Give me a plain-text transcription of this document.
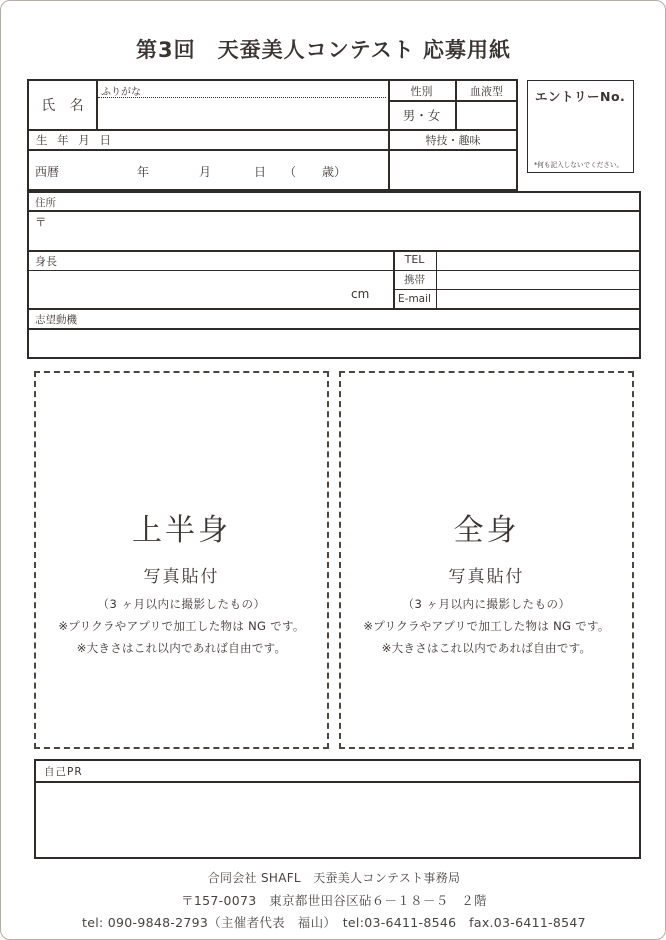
第3回　天蚕美人コンテスト 応募用紙
ふりがな
氏 名
性別	血液型
男・女
生 年 月 日	特技・趣味
西暦	年	月	日 （ 歳）
エントリーNo.
*何も記入しないでください。
住所
〒
身長
cm
TEL
携帯
E-mail
志望動機
上半身
写真貼付
（3 ヶ月以内に撮影したもの）
※プリクラやアプリで加工した物は NG です。
※大きさはこれ以内であれば自由です。
全身
写真貼付
（3 ヶ月以内に撮影したもの）
※プリクラやアプリで加工した物は NG です。
※大きさはこれ以内であれば自由です。
自己PR
合同会社 SHAFL　天蚕美人コンテスト事務局
〒157-0073　東京都世田谷区砧６－１８－５　２階
tel: 090-9848-2793（主催者代表　福山）　tel:03-6411-8546　fax.03-6411-8547
